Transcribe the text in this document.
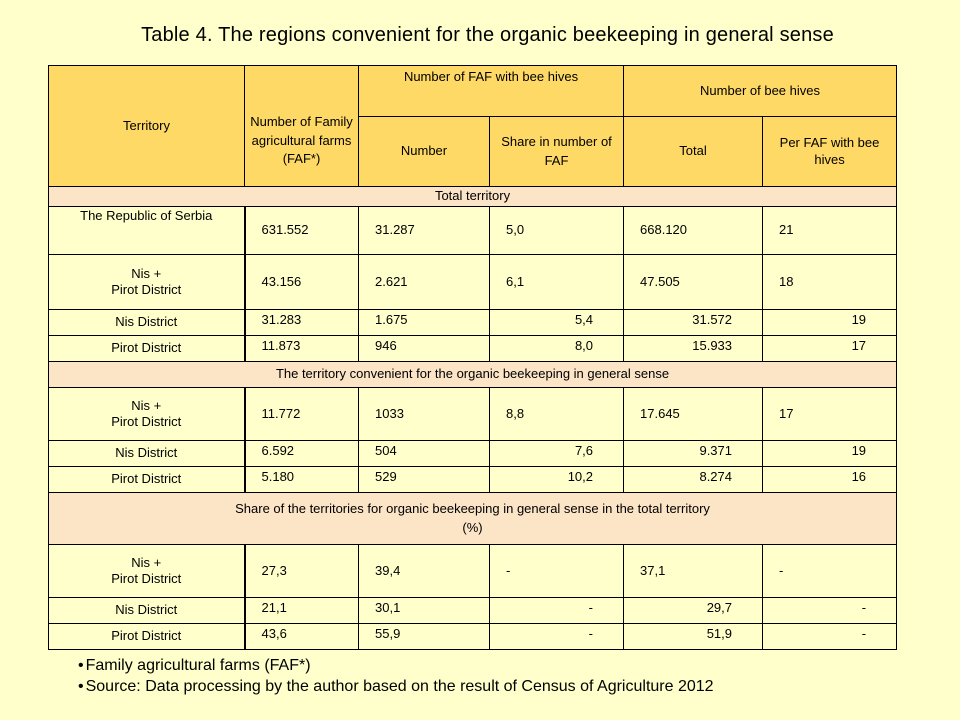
Table 4. The regions convenient for the organic beekeeping in general sense
Territory	Number of Family agricultural farms (FAF*)	Number of FAF with bee hives		Number of bee hives	
		Number	Share in number of FAF	Total	Per FAF with bee hives
Total territory					
The Republic of Serbia	631.552	31.287	5,0	668.120	21
Nis +
Pirot District	43.156	2.621	6,1	47.505	18
Nis District	31.283	1.675	5,4	31.572	19
Pirot District	11.873	946	8,0	15.933	17
The territory convenient for the organic beekeeping in general sense					
Nis +
Pirot District	11.772	1033	8,8	17.645	17
Nis District	6.592	504	7,6	9.371	19
Pirot District	5.180	529	10,2	8.274	16
Share of the territories for organic beekeeping in general sense in the total territory
(%)					
Nis +
Pirot District	27,3	39,4	-	37,1	-
Nis District	21,1	30,1	-	29,7	-
Pirot District	43,6	55,9	-	51,9	-
• Family agricultural farms (FAF*)
• Source: Data processing by the author based on the result of Census of Agriculture 2012
